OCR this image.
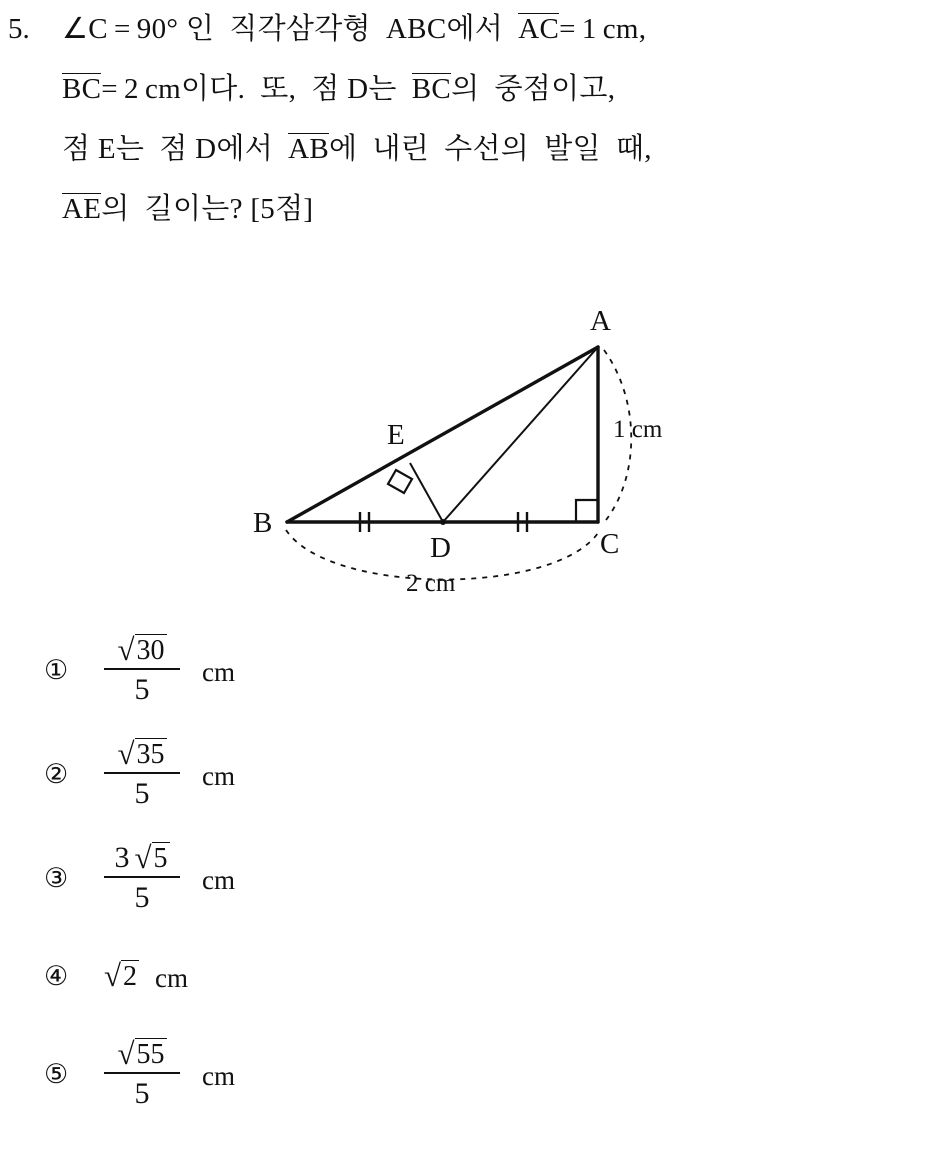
5.	∠C = 90° 인  직각삼각형  ABC에서  AC= 1 cm,
BC= 2 cm이다.  또,  점 D는  BC의  중점이고,
점 E는  점 D에서  AB에  내린  수선의  발일  때,
AE의  길이는? [5점]
A
B
C
D
E	1 cm
2 cm
①	$\frac{√ 30}{5}$ cm
②	$\frac{√ 35}{5}$ cm
③	$\frac{3 √ 5}{5}$ cm
④	√ 2 cm
⑤	$\frac{√ 55}{5}$ cm
